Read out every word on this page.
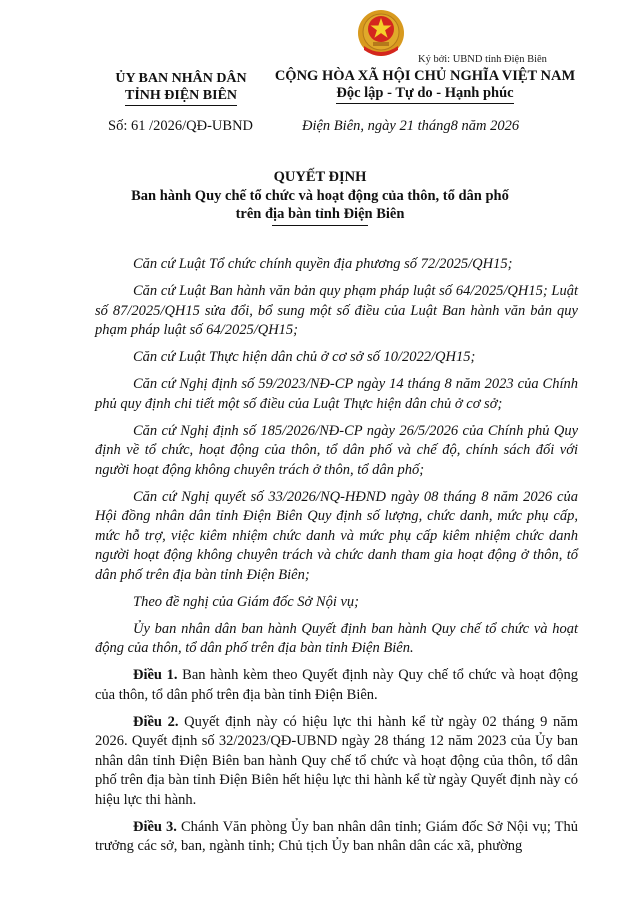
Ký bởi: UBND tỉnh Điện Biên
ỦY BAN NHÂN DÂN
TỈNH ĐIỆN BIÊN
CỘNG HÒA XÃ HỘI CHỦ NGHĨA VIỆT NAM
Độc lập - Tự do - Hạnh phúc
Số: 61 /2026/QĐ-UBND	Điện Biên, ngày 21 tháng8 năm 2026
QUYẾT ĐỊNH
Ban hành Quy chế tổ chức và hoạt động của thôn, tổ dân phố
trên địa bàn tỉnh Điện Biên

Căn cứ Luật Tổ chức chính quyền địa phương số 72/2025/QH15;

Căn cứ Luật Ban hành văn bản quy phạm pháp luật số 64/2025/QH15; Luật số 87/2025/QH15 sửa đổi, bổ sung một số điều của Luật Ban hành văn bản quy phạm pháp luật số 64/2025/QH15;

Căn cứ Luật Thực hiện dân chủ ở cơ sở số 10/2022/QH15;

Căn cứ Nghị định số 59/2023/NĐ-CP ngày 14 tháng 8 năm 2023 của Chính phủ quy định chi tiết một số điều của Luật Thực hiện dân chủ ở cơ sở;

Căn cứ Nghị định số 185/2026/NĐ-CP ngày 26/5/2026 của Chính phủ Quy định về tổ chức, hoạt động của thôn, tổ dân phố và chế độ, chính sách đối với người hoạt động không chuyên trách ở thôn, tổ dân phố;

Căn cứ Nghị quyết số 33/2026/NQ-HĐND ngày 08 tháng 8 năm 2026 của Hội đồng nhân dân tỉnh Điện Biên Quy định số lượng, chức danh, mức phụ cấp, mức hỗ trợ, việc kiêm nhiệm chức danh và mức phụ cấp kiêm nhiệm chức danh người hoạt động không chuyên trách và chức danh tham gia hoạt động ở thôn, tổ dân phố trên địa bàn tỉnh Điện Biên;

Theo đề nghị của Giám đốc Sở Nội vụ;

Ủy ban nhân dân ban hành Quyết định ban hành Quy chế tổ chức và hoạt động của thôn, tổ dân phố trên địa bàn tỉnh Điện Biên.

Điều 1. Ban hành kèm theo Quyết định này Quy chế tổ chức và hoạt động của thôn, tổ dân phố trên địa bàn tỉnh Điện Biên.

Điều 2. Quyết định này có hiệu lực thi hành kể từ ngày 02 tháng 9 năm 2026. Quyết định số 32/2023/QĐ-UBND ngày 28 tháng 12 năm 2023 của Ủy ban nhân dân tỉnh Điện Biên ban hành Quy chế tổ chức và hoạt động của thôn, tổ dân phố trên địa bàn tỉnh Điện Biên hết hiệu lực thi hành kể từ ngày Quyết định này có hiệu lực thi hành.

Điều 3. Chánh Văn phòng Ủy ban nhân dân tỉnh; Giám đốc Sở Nội vụ; Thủ trưởng các sở, ban, ngành tỉnh; Chủ tịch Ủy ban nhân dân các xã, phường
